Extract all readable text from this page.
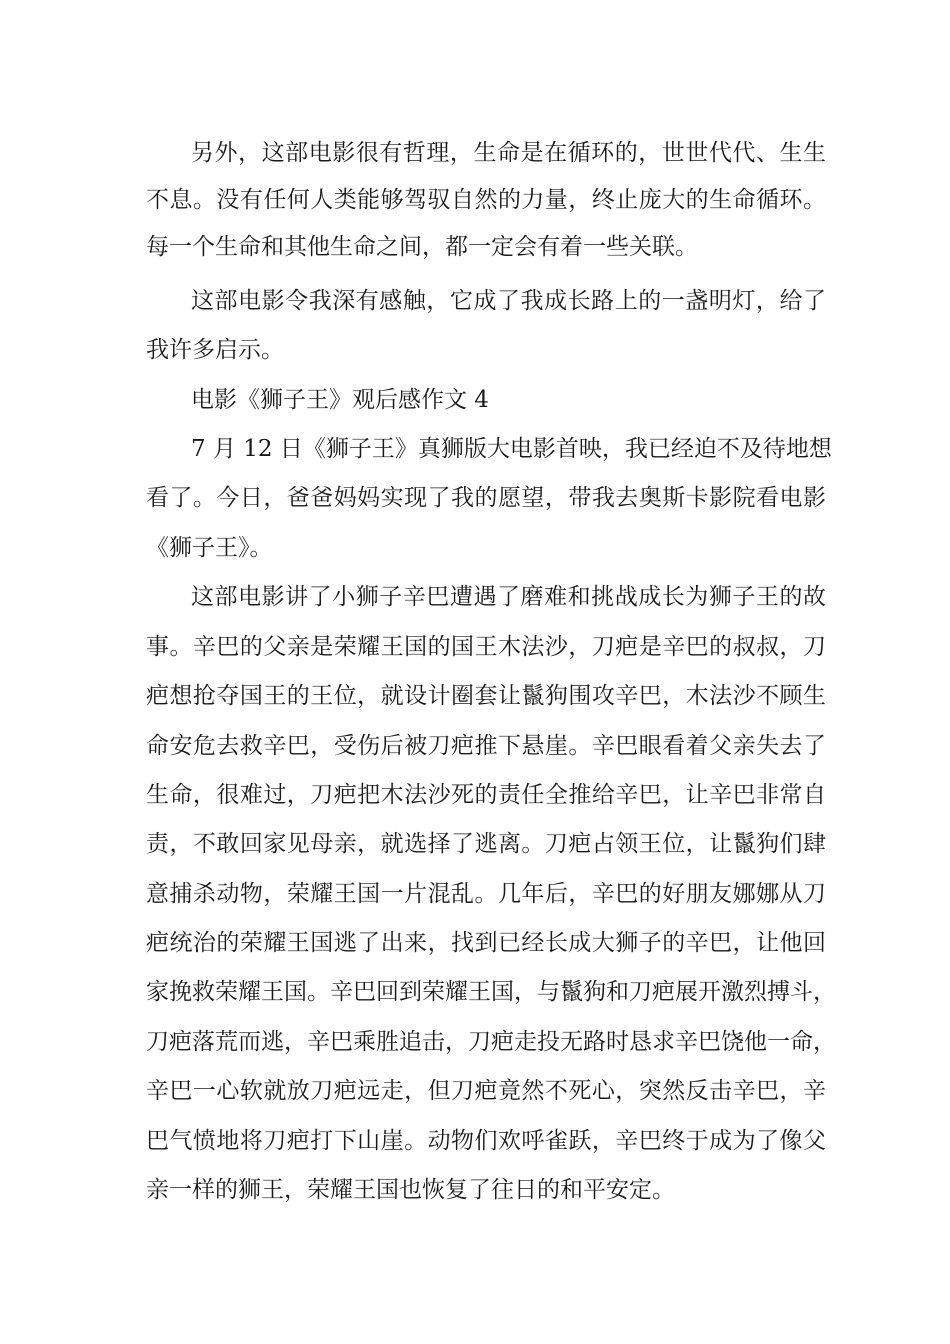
另外，这部电影很有哲理，生命是在循环的，世世代代、生生

不息。没有任何人类能够驾驭自然的力量，终止庞大的生命循环。

每一个生命和其他生命之间，都一定会有着一些关联。

这部电影令我深有感触，它成了我成长路上的一盏明灯，给了

我许多启示。

电影《狮子王》观后感作文 4

7 月 12 日《狮子王》真狮版大电影首映，我已经迫不及待地想

看了。今日，爸爸妈妈实现了我的愿望，带我去奥斯卡影院看电影

《狮子王》。

这部电影讲了小狮子辛巴遭遇了磨难和挑战成长为狮子王的故

事。辛巴的父亲是荣耀王国的国王木法沙，刀疤是辛巴的叔叔，刀

疤想抢夺国王的王位，就设计圈套让鬣狗围攻辛巴，木法沙不顾生

命安危去救辛巴，受伤后被刀疤推下悬崖。辛巴眼看着父亲失去了

生命，很难过，刀疤把木法沙死的责任全推给辛巴，让辛巴非常自

责，不敢回家见母亲，就选择了逃离。刀疤占领王位，让鬣狗们肆

意捕杀动物，荣耀王国一片混乱。几年后，辛巴的好朋友娜娜从刀

疤统治的荣耀王国逃了出来，找到已经长成大狮子的辛巴，让他回

家挽救荣耀王国。辛巴回到荣耀王国，与鬣狗和刀疤展开激烈搏斗，

刀疤落荒而逃，辛巴乘胜追击，刀疤走投无路时恳求辛巴饶他一命，

辛巴一心软就放刀疤远走，但刀疤竟然不死心，突然反击辛巴，辛

巴气愤地将刀疤打下山崖。动物们欢呼雀跃，辛巴终于成为了像父

亲一样的狮王，荣耀王国也恢复了往日的和平安定。
